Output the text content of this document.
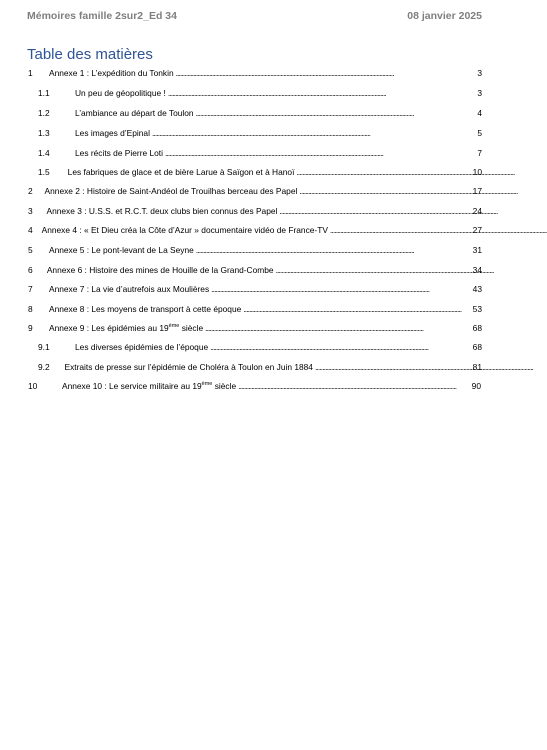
Mémoires famille 2sur2_Ed 34	08 janvier 2025
Table des matières
1	Annexe 1 : L’expédition du Tonkin . . .	3
1.1	Un peu de géopolitique ! . . .	3
1.2	L’ambiance au départ de Toulon . . .	4
1.3	Les images d’Epinal . . .	5
1.4	Les récits de Pierre Loti . . .	7
1.5	Les fabriques de glace et de bière Larue à Saïgon et à Hanoï . . .	10
2	Annexe 2 : Histoire de Saint-Andéol de Trouilhas berceau des Papel . . .	17
3	Annexe 3 : U.S.S. et R.C.T. deux clubs bien connus des Papel . . .	24
4	Annexe 4 : « Et Dieu créa la Côte d’Azur » documentaire vidéo de France-TV . . .	27
5	Annexe 5 : Le pont-levant de La Seyne . . .	31
6	Annexe 6 : Histoire des mines de Houille de la Grand-Combe . . .	34
7	Annexe 7 : La vie d’autrefois aux Moulières . . .	43
8	Annexe 8 : Les moyens de transport à cette époque . . .	53
9	Annexe 9 : Les épidémies au 19ème siècle . . .	68
9.1	Les diverses épidémies de l’époque . . .	68
9.2	Extraits de presse sur l’épidémie de Choléra à Toulon en Juin 1884 . . .	81
10	Annexe 10 : Le service militaire au 19ème siècle . . .	90
